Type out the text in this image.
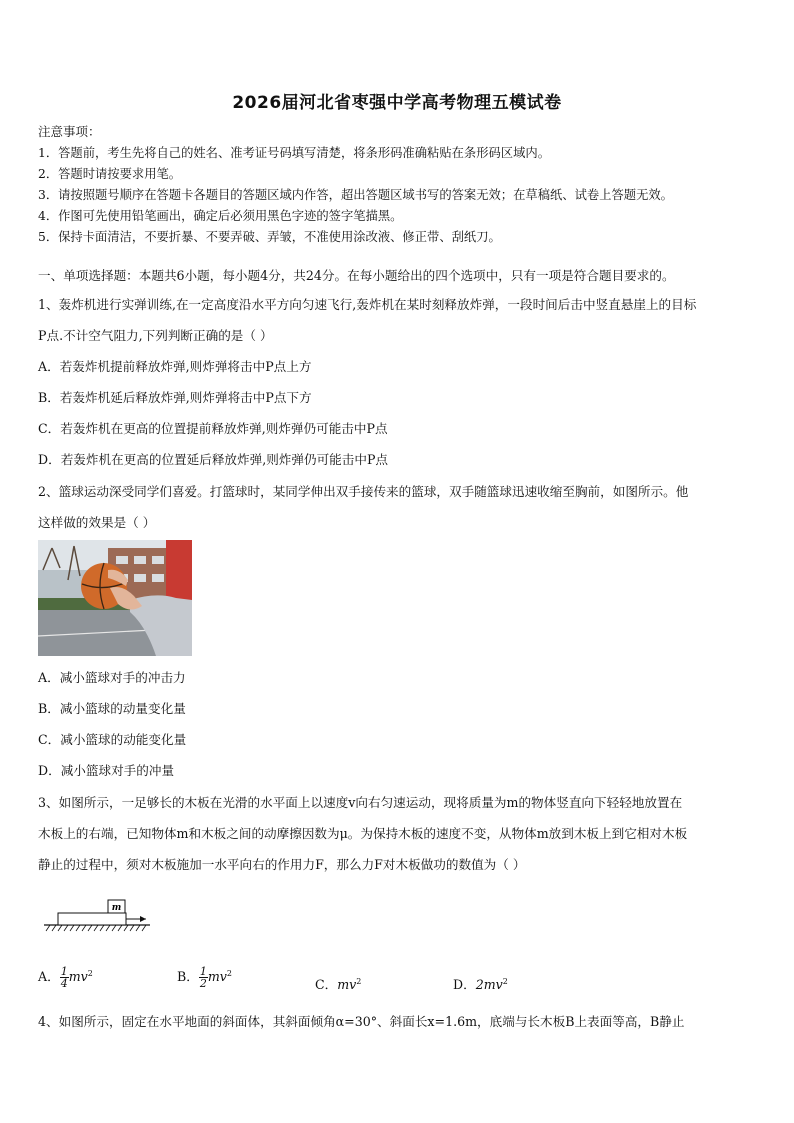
2026届河北省枣强中学高考物理五模试卷
注意事项：
1．答题前，考生先将自己的姓名、准考证号码填写清楚，将条形码准确粘贴在条形码区域内。
2．答题时请按要求用笔。
3．请按照题号顺序在答题卡各题目的答题区域内作答，超出答题区域书写的答案无效；在草稿纸、试卷上答题无效。
4．作图可先使用铅笔画出，确定后必须用黑色字迹的签字笔描黑。
5．保持卡面清洁，不要折暴、不要弄破、弄皱，不准使用涂改液、修正带、刮纸刀。
一、单项选择题：本题共6小题，每小题4分，共24分。在每小题给出的四个选项中，只有一项是符合题目要求的。
1、轰炸机进行实弹训练,在一定高度沿水平方向匀速飞行,轰炸机在某时刻释放炸弹，一段时间后击中竖直悬崖上的目标
P点.不计空气阻力,下列判断正确的是（ ）
A．若轰炸机提前释放炸弹,则炸弹将击中P点上方
B．若轰炸机延后释放炸弹,则炸弹将击中P点下方
C．若轰炸机在更高的位置提前释放炸弹,则炸弹仍可能击中P点
D．若轰炸机在更高的位置延后释放炸弹,则炸弹仍可能击中P点
2、篮球运动深受同学们喜爱。打篮球时，某同学伸出双手接传来的篮球，双手随篮球迅速收缩至胸前，如图所示。他
这样做的效果是（ ）
A．减小篮球对手的冲击力
B．减小篮球的动量变化量
C．减小篮球的动能变化量
D．减小篮球对手的冲量
3、如图所示，一足够长的木板在光滑的水平面上以速度v向右匀速运动，现将质量为m的物体竖直向下轻轻地放置在
木板上的右端，已知物体m和木板之间的动摩擦因数为μ。为保持木板的速度不变，从物体m放到木板上到它相对木板
静止的过程中，须对木板施加一水平向右的作用力F，那么力F对木板做功的数值为（ ）
m
A． $\frac{1}{4} mv^2$	B． $\frac{1}{2} mv^2$
C．$mv^2$	D．$2mv^2$
4、如图所示，固定在水平地面的斜面体，其斜面倾角α=30°、斜面长x=1.6m，底端与长木板B上表面等高，B静止
